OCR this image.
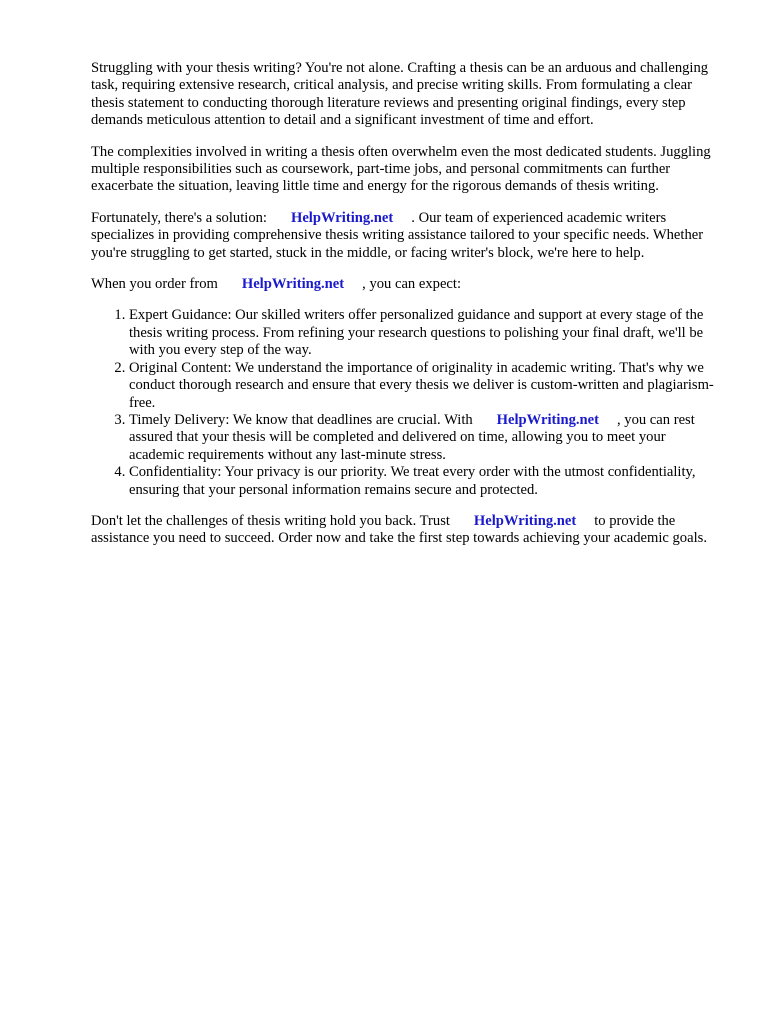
Struggling with your thesis writing? You're not alone. Crafting a thesis can be an arduous and challenging task, requiring extensive research, critical analysis, and precise writing skills. From formulating a clear thesis statement to conducting thorough literature reviews and presenting original findings, every step demands meticulous attention to detail and a significant investment of time and effort.

The complexities involved in writing a thesis often overwhelm even the most dedicated students. Juggling multiple responsibilities such as coursework, part-time jobs, and personal commitments can further exacerbate the situation, leaving little time and energy for the rigorous demands of thesis writing.

Fortunately, there's a solution: HelpWriting.net . Our team of experienced academic writers specializes in providing comprehensive thesis writing assistance tailored to your specific needs. Whether you're struggling to get started, stuck in the middle, or facing writer's block, we're here to help.

When you order from HelpWriting.net , you can expect:

1. Expert Guidance: Our skilled writers offer personalized guidance and support at every stage of the thesis writing process. From refining your research questions to polishing your final draft, we'll be with you every step of the way.
2. Original Content: We understand the importance of originality in academic writing. That's why we conduct thorough research and ensure that every thesis we deliver is custom-written and plagiarism-free.
3. Timely Delivery: We know that deadlines are crucial. With HelpWriting.net , you can rest assured that your thesis will be completed and delivered on time, allowing you to meet your academic requirements without any last-minute stress.
4. Confidentiality: Your privacy is our priority. We treat every order with the utmost confidentiality, ensuring that your personal information remains secure and protected.

Don't let the challenges of thesis writing hold you back. Trust HelpWriting.net to provide the assistance you need to succeed. Order now and take the first step towards achieving your academic goals.
